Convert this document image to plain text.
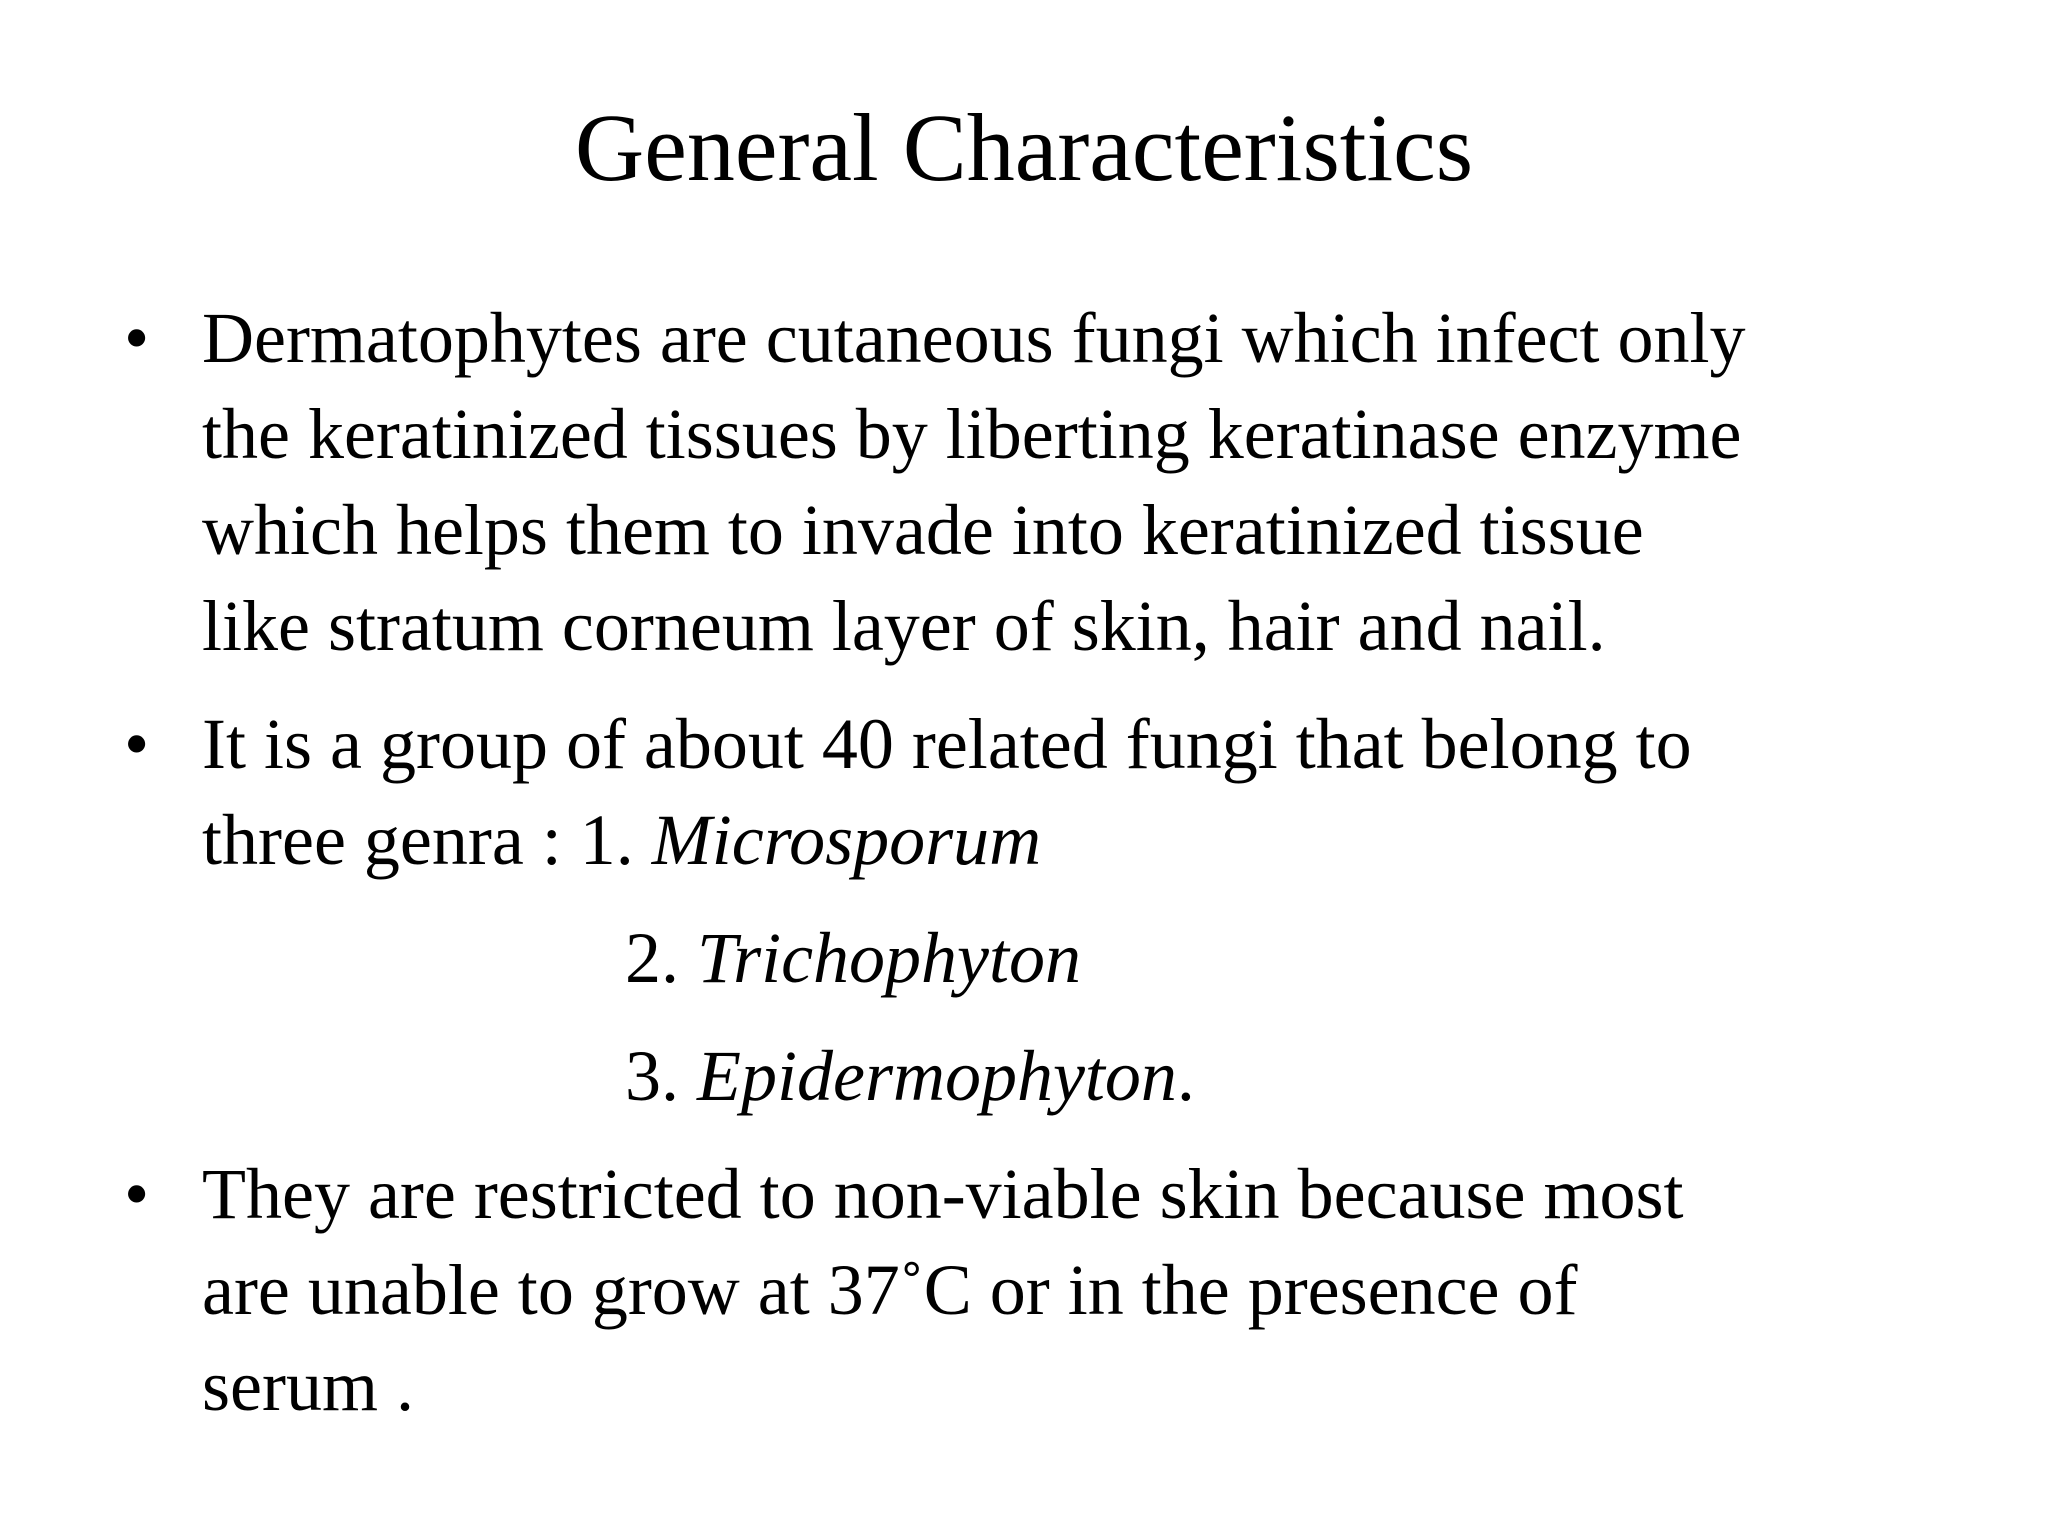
General Characteristics
• Dermatophytes are cutaneous fungi which infect only
the keratinized tissues by liberting keratinase enzyme
which helps them to invade into keratinized tissue
like stratum corneum layer of skin, hair and nail.
• It is a group of about 40 related fungi that belong to
three genra : 1. Microsporum
2. Trichophyton
3. Epidermophyton.
• They are restricted to non-viable skin because most
are unable to grow at 37˚C or in the presence of
serum .
